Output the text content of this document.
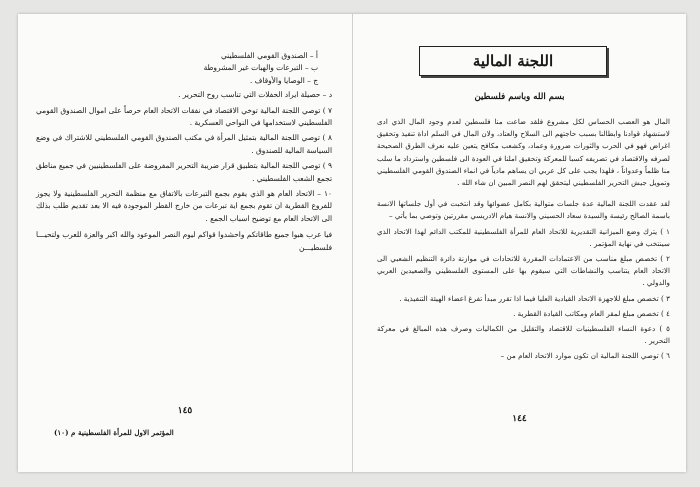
أ – الصندوق القومي الفلسطيني

ب – التبرعات والهبات غير المشروطة

ج – الوصايا والأوقاف .

د – حصيلة ايراد الحفلات التي تناسب روح التحرير .

٧ ) توصي اللجنة المالية توخي الاقتصاد في نفقات الاتحاد العام حرصاً على اموال الصندوق القومي الفلسطيني لاستخدامها في النواحي العسكرية .

٨ ) توصي اللجنة المالية بتمثيل المرأة في مكتب الصندوق القومي الفلسطيني للاشتراك في وضع السياسة المالية للصندوق .

٩ ) توصي اللجنة المالية بتطبيق قرار ضريبة التحرير المفروضة على الفلسطينيين في جميع مناطق تجمع الشعب الفلسطيني .

١٠ – الاتحاد العام هو الذي يقوم بجمع التبرعات بالاتفاق مع منظمة التحرير الفلسطينية ولا يجوز للفروع القطرية ان تقوم بجمع اية تبرعات من خارج القطر الموجودة فيه الا بعد تقديم طلب بذلك الى الاتحاد العام مع توضيح اسباب الجمع .

فيا عرب هبوا جميع طاقاتكم واحشدوا قواكم ليوم النصر الموعود والله اكبر والعزة للعرب ولتحيـــا فلسطيـــن

١٤٥
المؤتمر الاول للمرأة الفلسطينية م (١٠)
اللجنة المالية
بسم الله وباسم فلسطين

المال هو العصب الحساس لكل مشروع فلقد ضاعت منا فلسطين لعدم وجود المال الذي ادى لاستشهاد قوادنا وابطالنا بسبب حاجتهم الى السلاح والعتاد، ولان المال في السلم اداة تنفيذ وتحقيق اغراض فهو في الحرب والثورات ضرورة وعماد، وكشعب مكافح يتعين عليه نعرف الطرق الصحيحة لصرفه والاقتصاد في تصريفه كسبا للمعركة وتحقيق املنا في العودة الى فلسطين واسترداد ما سلب منا ظلماً وعدواناً ، فلهذا يجب على كل عربي ان يساهم مادياً في انماء الصندوق القومي الفلسطيني وتمويل جيش التحرير الفلسطيني ليتحقق لهم النصر المبين ان شاء الله .

لقد عقدت اللجنة المالية عدة جلسات متوالية بكامل عضوائها وقد انتخبت في أول جلساتها الانسة باسمة الصالح رئيسة والسيدة سعاد الحسيني والانسة هيام الادريسي مقررتين وتوصي بما يأتي –

١ ) يترك وضع الميزانية التقديرية للاتحاد العام للمرأة الفلسطينية للمكتب الدائم لهذا الاتحاد الذي سينتخب في نهاية المؤتمر .

٢ ) تخصص مبلغ مناسب من الاعتمادات المقررة للاتحادات في موازنة دائرة التنظيم الشعبي الى الاتحاد العام يتناسب والنشاطات التي سيقوم بها على المستوى الفلسطيني والصعيدين العربي والدولي .

٣ ) تخصص مبلغ للاجهزة الاتحاد القيادية العليا فيما اذا تقرر مبدأ تفرغ اعضاء الهيئة التنفيذية .

٤ ) تخصص مبلغ لمقر العام ومكاتب القيادة القطرية .

٥ ) دعوة النساء الفلسطينيات للاقتصاد والتقليل من الكماليات وصرف هذه المبالغ في معركة التحرير .

٦ ) توصي اللجنة المالية ان تكون موارد الاتحاد العام من –

١٤٤
